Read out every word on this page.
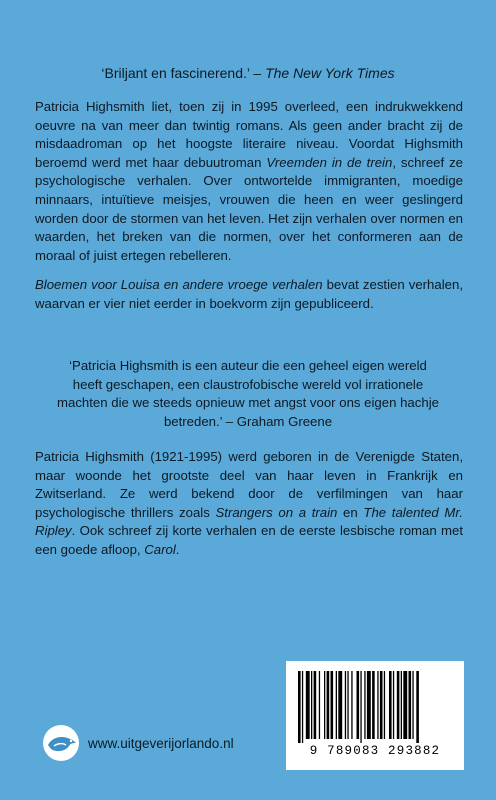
‘Briljant en fascinerend.’ – The New York Times
Patricia Highsmith liet, toen zij in 1995 overleed, een indrukwekkend oeuvre na van meer dan twintig romans. Als geen ander bracht zij de misdaadroman op het hoogste literaire niveau. Voordat Highsmith beroemd werd met haar debuutroman Vreemden in de trein, schreef ze psychologische verhalen. Over ontwortelde immigranten, moedige minnaars, intuïtieve meisjes, vrouwen die heen en weer geslingerd worden door de stormen van het leven. Het zijn verhalen over normen en waarden, het breken van die normen, over het conformeren aan de moraal of juist ertegen rebelleren.
Bloemen voor Louisa en andere vroege verhalen bevat zestien verhalen, waarvan er vier niet eerder in boekvorm zijn gepubliceerd.
‘Patricia Highsmith is een auteur die een geheel eigen wereld heeft geschapen, een claustrofobische wereld vol irrationele machten die we steeds opnieuw met angst voor ons eigen hachje betreden.’ – Graham Greene
Patricia Highsmith (1921-1995) werd geboren in de Verenigde Staten, maar woonde het grootste deel van haar leven in Frankrijk en Zwitserland. Ze werd bekend door de verfilmingen van haar psychologische thrillers zoals Strangers on a train en The talented Mr. Ripley. Ook schreef zij korte verhalen en de eerste lesbische roman met een goede afloop, Carol.
www.uitgeverijorlando.nl
9 789083 293882
